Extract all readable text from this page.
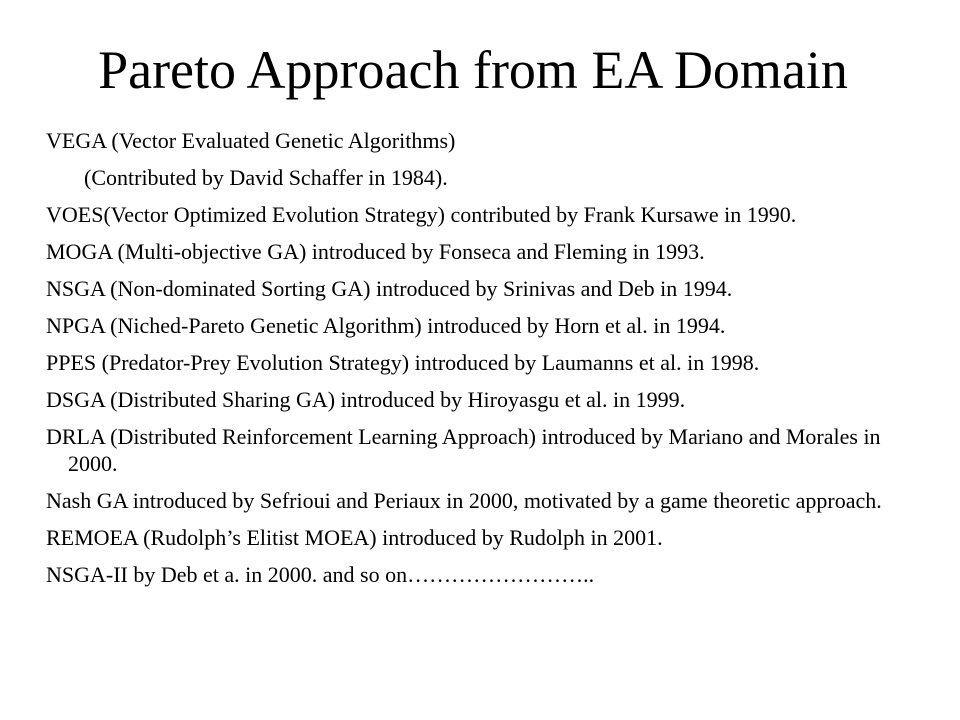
Pareto Approach from EA Domain
VEGA (Vector Evaluated Genetic Algorithms)
(Contributed by David Schaffer in 1984).
VOES(Vector Optimized Evolution Strategy) contributed by Frank Kursawe in 1990.
MOGA (Multi-objective GA) introduced by Fonseca and Fleming in 1993.
NSGA (Non-dominated Sorting GA) introduced by Srinivas and Deb in 1994.
NPGA (Niched-Pareto Genetic Algorithm) introduced by Horn et al. in 1994.
PPES (Predator-Prey Evolution Strategy) introduced by Laumanns et al. in 1998.
DSGA (Distributed Sharing GA) introduced by Hiroyasgu et al. in 1999.
DRLA (Distributed Reinforcement Learning Approach) introduced by Mariano and Morales in 2000.
Nash GA introduced by Sefrioui and Periaux in 2000, motivated by a game theoretic approach.
REMOEA (Rudolph’s Elitist MOEA) introduced by Rudolph in 2001.
NSGA-II by Deb et a. in 2000. and so on……………………..
